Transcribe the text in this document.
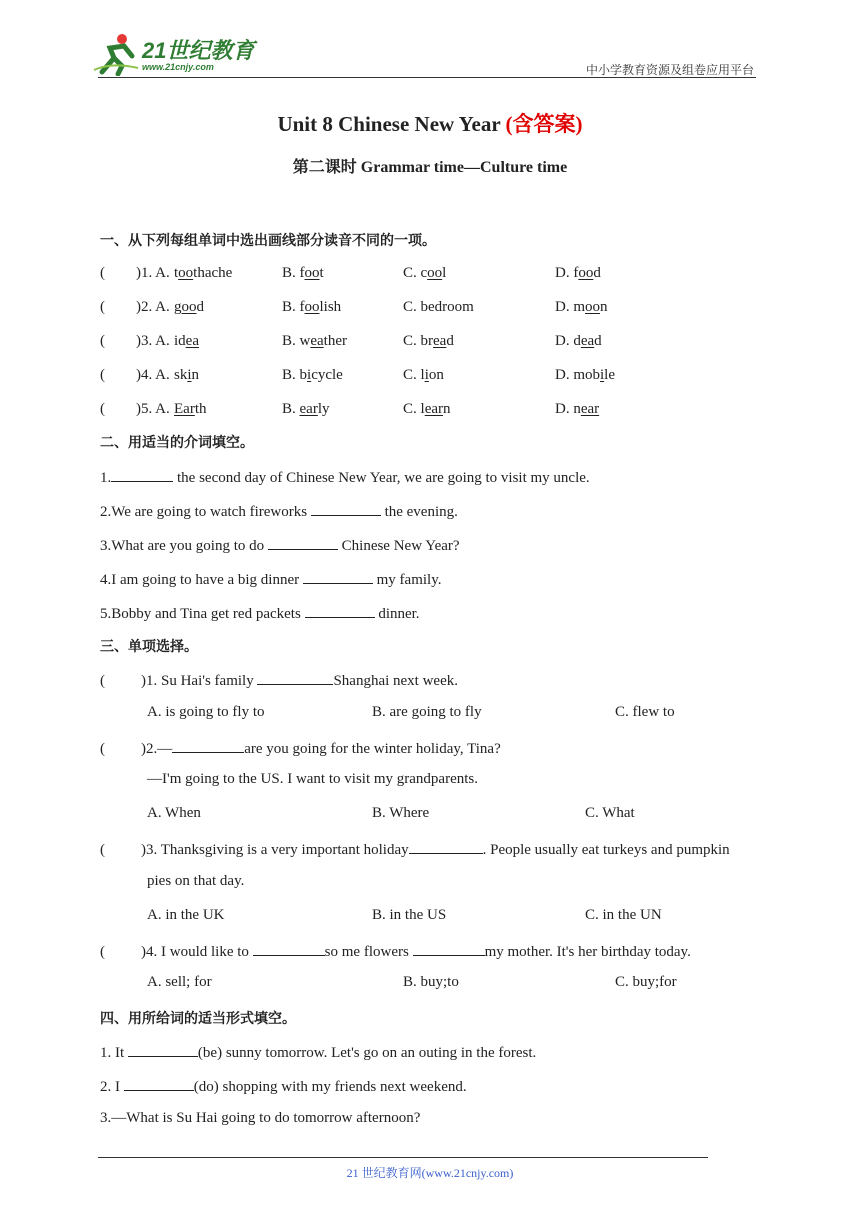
21世纪教育
www.21cnjy.com	中小学教育资源及组卷应用平台
Unit 8 Chinese New Year (含答案)
第二课时 Grammar time—Culture time
一、从下列每组单词中选出画线部分读音不同的一项。
( )1. A. toothache	B. foot	C. cool	D. food
( )2. A. good	B. foolish	C. bedroom	D. moon
( )3. A. idea	B. weather	C. bread	D. dead
( )4. A. skin	B. bicycle	C. lion	D. mobile
( )5. A. Earth	B. early	C. learn	D. near
二、用适当的介词填空。
1.	the second day of Chinese New Year, we are going to visit my uncle.
2.We are going to watch fireworks	the evening.
3.What are you going to do	Chinese New Year?
4.I am going to have a big dinner	my family.
5.Bobby and Tina get red packets	dinner.
三、单项选择。
( )1. Su Hai's family	Shanghai next week.
A. is going to fly to	B. are going to fly	C. flew to
( )2.—	are you going for the winter holiday, Tina?
—I'm going to the US. I want to visit my grandparents.
A. When	B. Where	C. What
( )3. Thanksgiving is a very important holiday	. People usually eat turkeys and pumpkin
pies on that day.
A. in the UK	B. in the US	C. in the UN
( )4. I would like to	so me flowers	my mother. It's her birthday today.
A. sell; for	B. buy;to	C. buy;for
四、用所给词的适当形式填空。
1. It	(be) sunny tomorrow. Let's go on an outing in the forest.
2. I	(do) shopping with my friends next weekend.
3.—What is Su Hai going to do tomorrow afternoon?
21 世纪教育网(www.21cnjy.com)
